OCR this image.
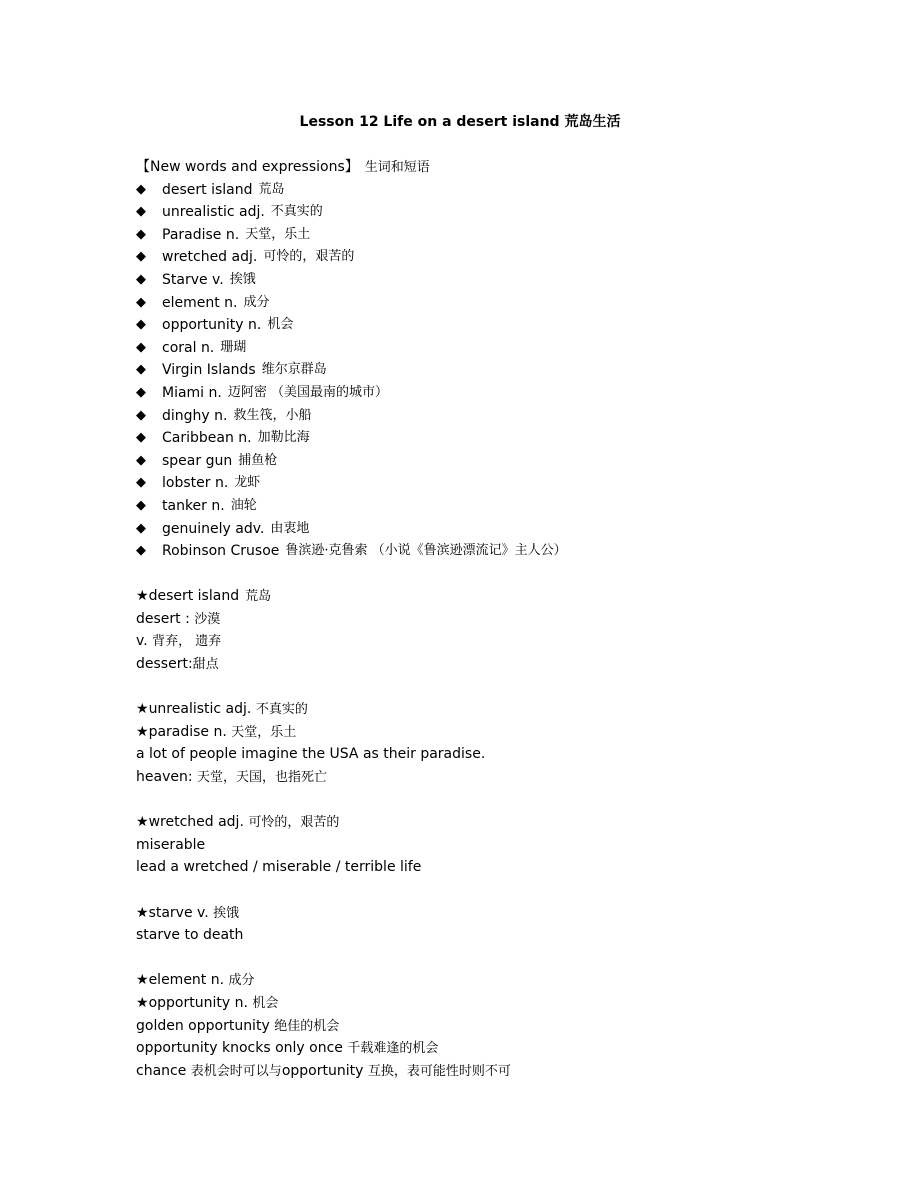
Lesson 12 Life on a desert island 荒岛生活
【New words and expressions】 生词和短语
◆	desert island 荒岛
◆	unrealistic adj. 不真实的
◆	Paradise n. 天堂，乐土
◆	wretched adj. 可怜的，艰苦的
◆	Starve v. 挨饿
◆	element n. 成分
◆	opportunity n. 机会
◆	coral n. 珊瑚
◆	Virgin Islands 维尔京群岛
◆	Miami n. 迈阿密 （美国最南的城市）
◆	dinghy n. 救生筏，小船
◆	Caribbean n. 加勒比海
◆	spear gun 捕鱼枪
◆	lobster n. 龙虾
◆	tanker n. 油轮
◆	genuinely adv. 由衷地
◆	Robinson Crusoe 鲁滨逊·克鲁索 （小说《鲁滨逊漂流记》主人公）
★desert island 荒岛
desert : 沙漠
v. 背弃， 遗弃
dessert:甜点
★unrealistic adj. 不真实的
★paradise n. 天堂，乐土
a lot of people imagine the USA as their paradise.
heaven: 天堂，天国，也指死亡
★wretched adj. 可怜的，艰苦的
miserable
lead a wretched / miserable / terrible life
★starve v. 挨饿
starve to death
★element n. 成分
★opportunity n. 机会
golden opportunity 绝佳的机会
opportunity knocks only once 千载难逢的机会
chance 表机会时可以与opportunity 互换，表可能性时则不可
